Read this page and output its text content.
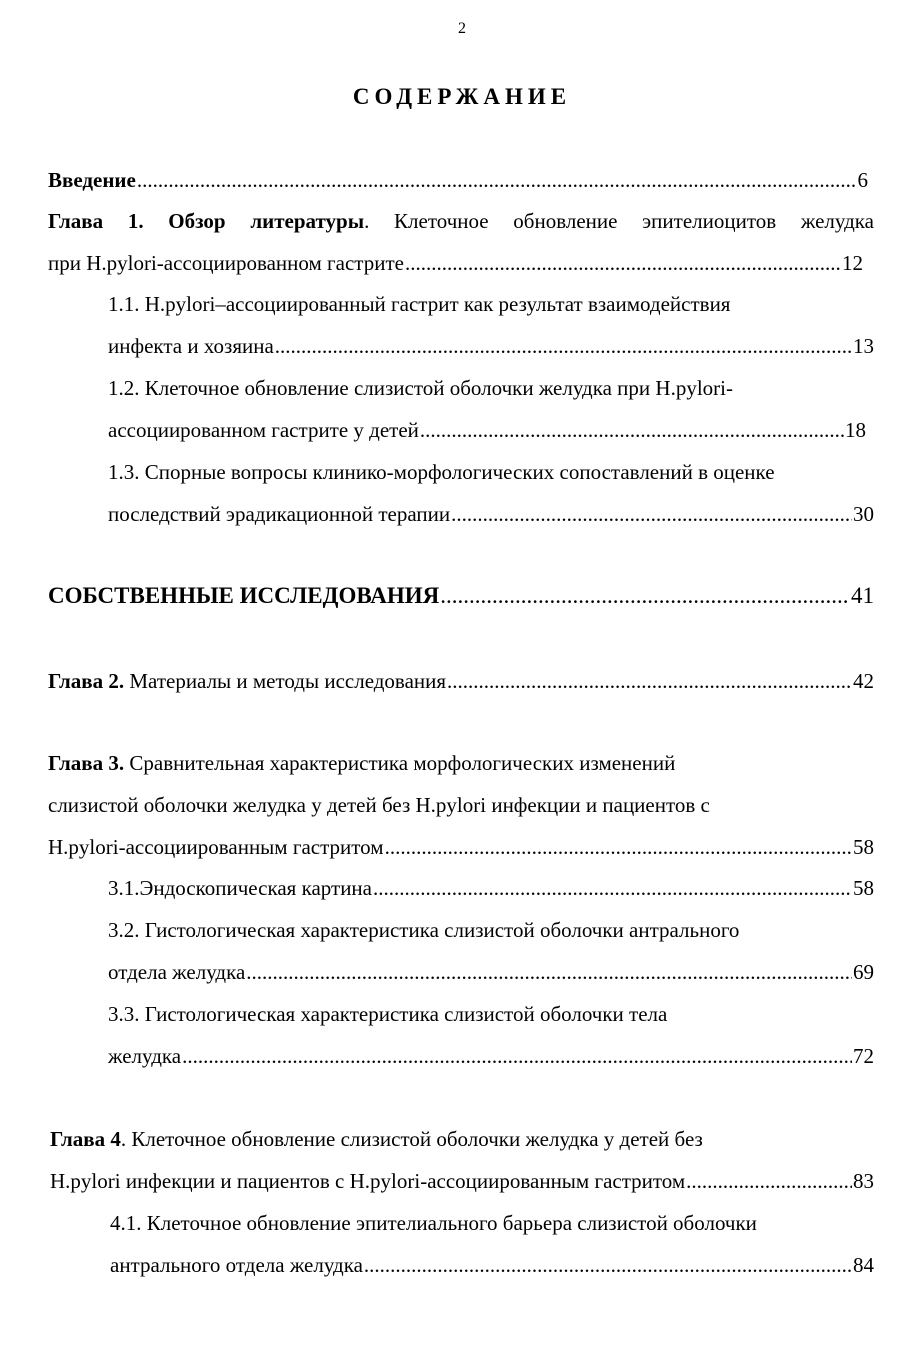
2
СОДЕРЖАНИЕ
Введение .....	6
Глава 1. Обзор литературы. Клеточное обновление эпителиоцитов желудка
при H.pylori-ассоциированном гастрите .....	12
1.1. H.pylori–ассоциированный гастрит как результат взаимодействия
инфекта и хозяина .....	13
1.2. Клеточное обновление слизистой оболочки желудка при H.pylori-
ассоциированном гастрите у детей .....	18
1.3. Спорные вопросы клинико-морфологических сопоставлений в оценке
последствий эрадикационной терапии .....	30
СОБСТВЕННЫЕ ИССЛЕДОВАНИЯ .....	41
Глава 2. Материалы и методы исследования .....	42
Глава 3. Сравнительная характеристика морфологических изменений
слизистой оболочки желудка у детей без H.pylori инфекции и пациентов с
H.pylori-ассоциированным гастритом .....	58
3.1.Эндоскопическая картина .....	58
3.2. Гистологическая характеристика слизистой оболочки антрального
отдела желудка .....	69
3.3. Гистологическая характеристика слизистой оболочки тела
желудка .....	72
Глава 4. Клеточное обновление слизистой оболочки желудка у детей без
H.pylori инфекции и пациентов с H.pylori-ассоциированным гастритом .....	83
4.1. Клеточное обновление эпителиального барьера слизистой оболочки
антрального отдела желудка .....	84
